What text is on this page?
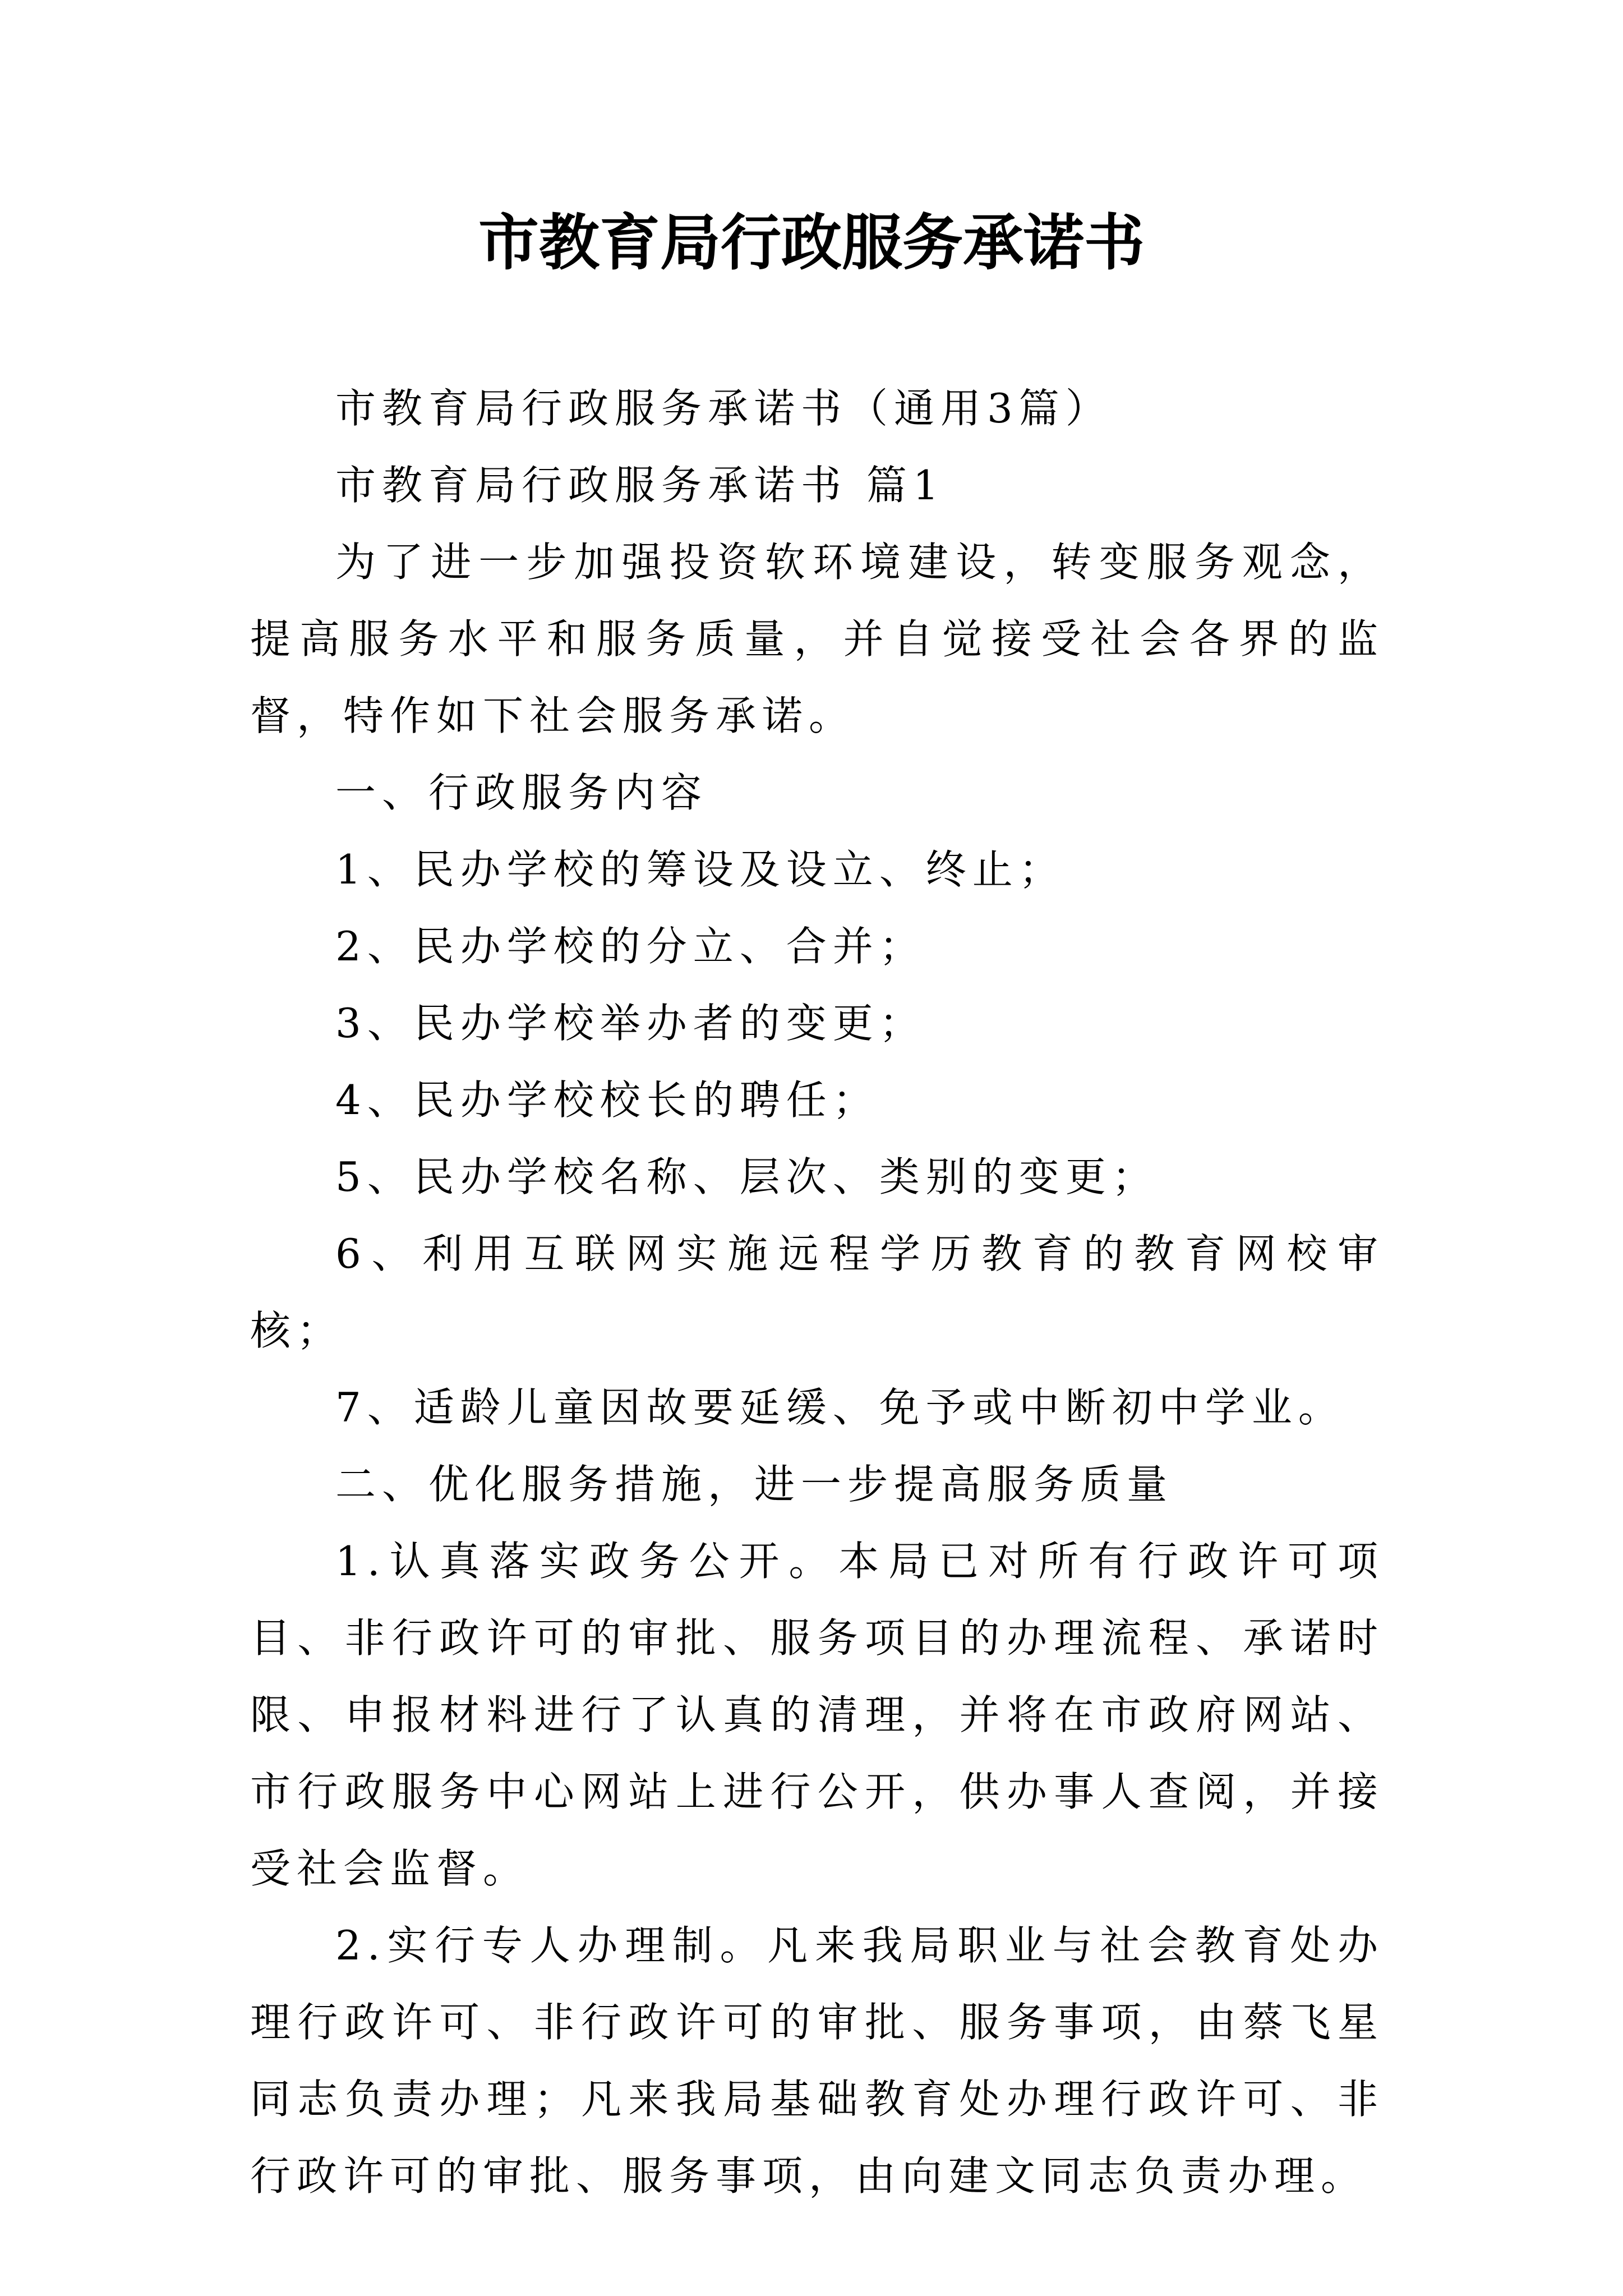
市教育局行政服务承诺书

市教育局行政服务承诺书（通用3篇）

市教育局行政服务承诺书 篇1

为了进一步加强投资软环境建设，转变服务观念，提高服务水平和服务质量，并自觉接受社会各界的监督，特作如下社会服务承诺。

一、行政服务内容

1、民办学校的筹设及设立、终止；

2、民办学校的分立、合并；

3、民办学校举办者的变更；

4、民办学校校长的聘任；

5、民办学校名称、层次、类别的变更；

6、利用互联网实施远程学历教育的教育网校审核；

7、适龄儿童因故要延缓、免予或中断初中学业。

二、优化服务措施，进一步提高服务质量

1.认真落实政务公开。本局已对所有行政许可项目、非行政许可的审批、服务项目的办理流程、承诺时限、申报材料进行了认真的清理，并将在市政府网站、市行政服务中心网站上进行公开，供办事人查阅，并接受社会监督。

2.实行专人办理制。凡来我局职业与社会教育处办理行政许可、非行政许可的审批、服务事项，由蔡飞星同志负责办理；凡来我局基础教育处办理行政许可、非行政许可的审批、服务事项，由向建文同志负责办理。
